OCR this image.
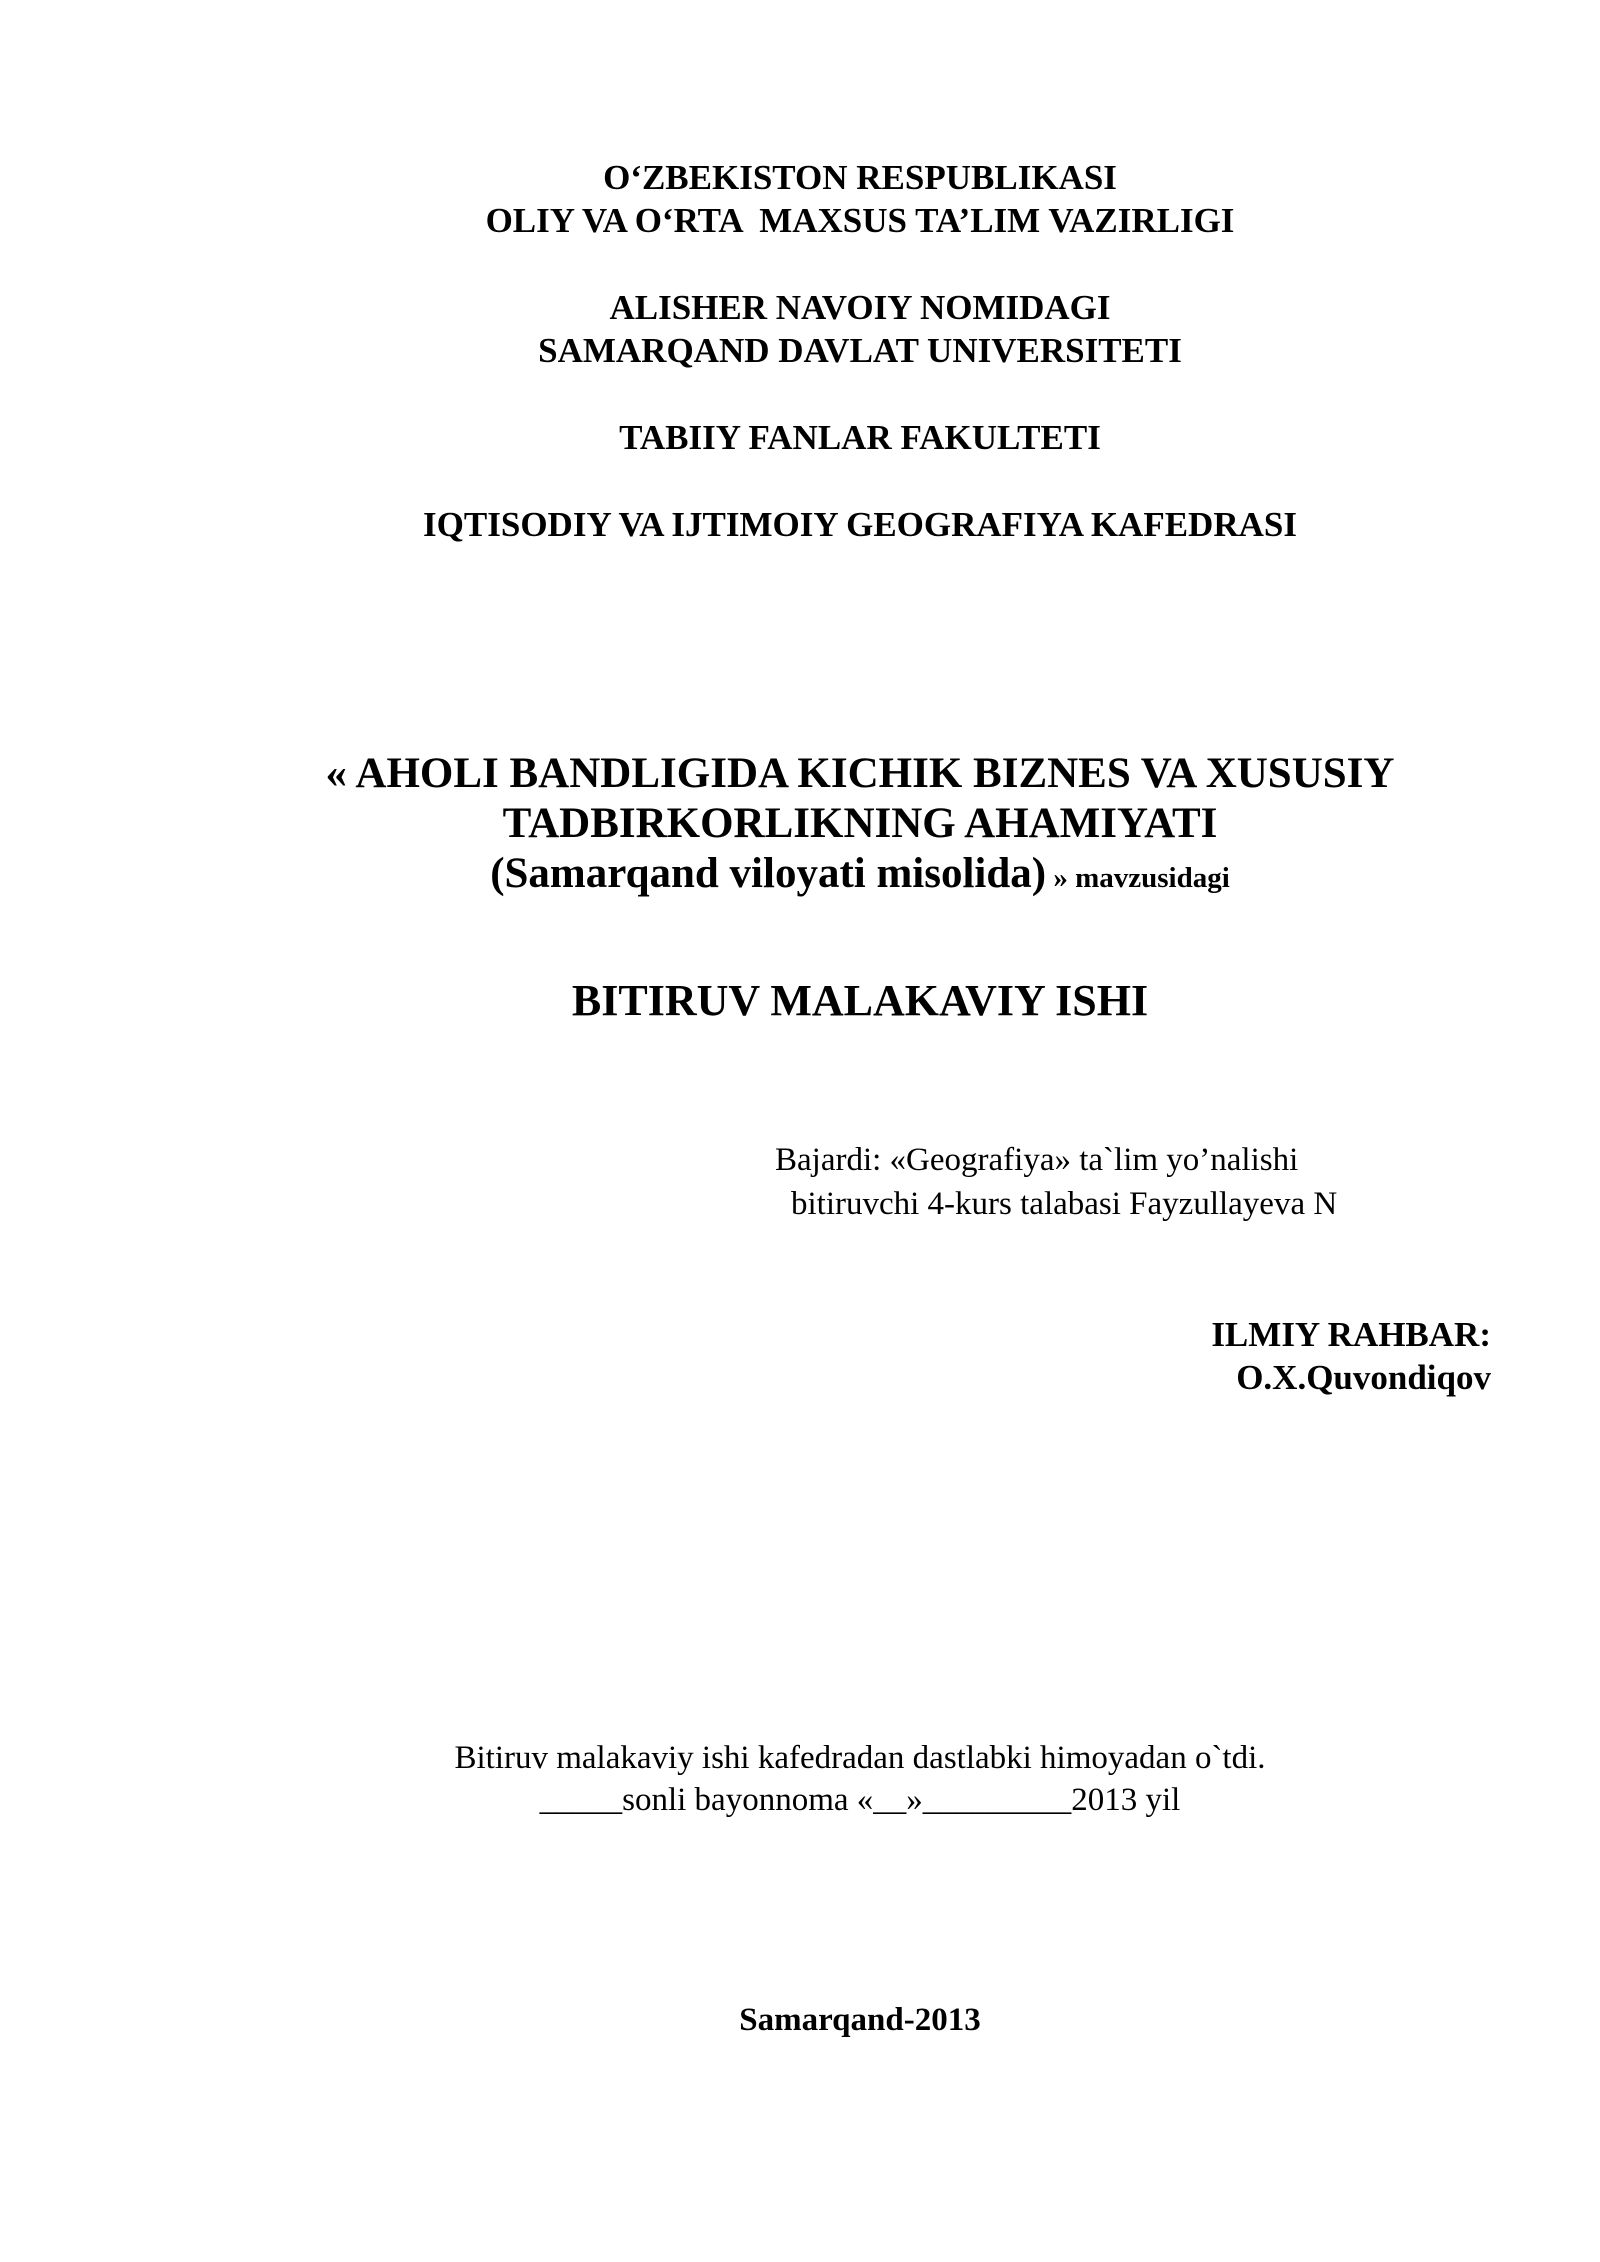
O‘ZBEKISTON RESPUBLIKASI
OLIY VA O‘RTA  MAXSUS TA’LIM VAZIRLIGI
ALISHER NAVOIY NOMIDAGI
SAMARQAND DAVLAT UNIVERSITETI
TABIIY FANLAR FAKULTETI
IQTISODIY VA IJTIMOIY GEOGRAFIYA KAFEDRASI
« AHOLI BANDLIGIDA KICHIK BIZNES VA XUSUSIY
TADBIRKORLIKNING AHAMIYATI
(Samarqand viloyati misolida) » mavzusidagi
BITIRUV MALAKAVIY ISHI
Bajardi: «Geografiya» ta`lim yo’nalishi
bitiruvchi 4-kurs talabasi Fayzullayeva N
ILMIY RAHBAR:
O.X.Quvondiqov
Bitiruv malakaviy ishi kafedradan dastlabki himoyadan o`tdi.
_____sonli bayonnoma «__»_________2013 yil
Samarqand-2013
